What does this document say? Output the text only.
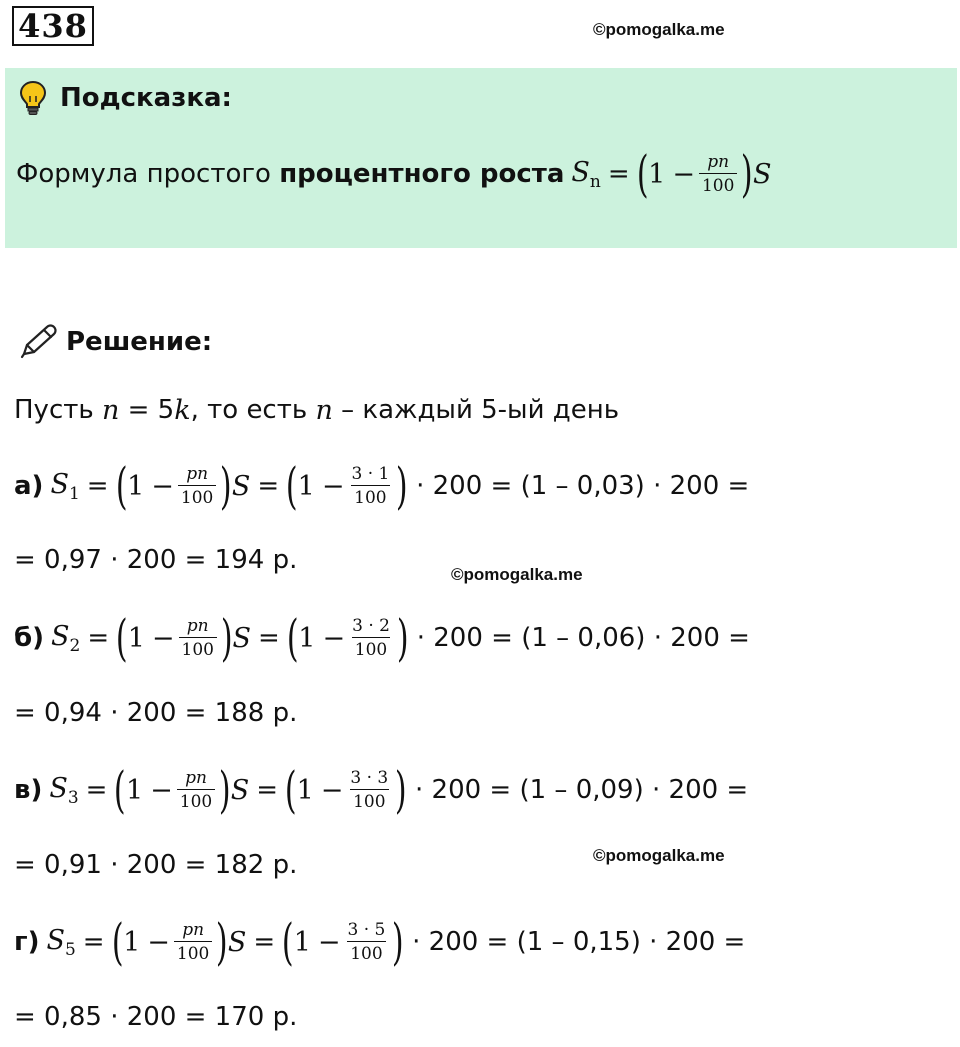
438	©pomogalka.me
Подсказка:
Формула простого процентного роста $S_n$ = ( $1 - \frac{pn}{100}$ ) S
Решение:
Пусть n = 5 k , то есть n – каждый 5-ый день
©pomogalka.me
©pomogalka.me
а) $S_1$ = ( $1 - \frac{pn}{100}$ ) S = ( $1 - \frac{3 \cdot 1}{100}$ ) · 200 = (1 – 0,03) · 200 =
= 0,97 · 200 = 194 р.
б) $S_2$ = ( $1 - \frac{pn}{100}$ ) S = ( $1 - \frac{3 \cdot 2}{100}$ ) · 200 = (1 – 0,06) · 200 =
= 0,94 · 200 = 188 р.
в) $S_3$ = ( $1 - \frac{pn}{100}$ ) S = ( $1 - \frac{3 \cdot 3}{100}$ ) · 200 = (1 – 0,09) · 200 =
= 0,91 · 200 = 182 р.
г) $S_5$ = ( $1 - \frac{pn}{100}$ ) S = ( $1 - \frac{3 \cdot 5}{100}$ ) · 200 = (1 – 0,15) · 200 =
= 0,85 · 200 = 170 р.
